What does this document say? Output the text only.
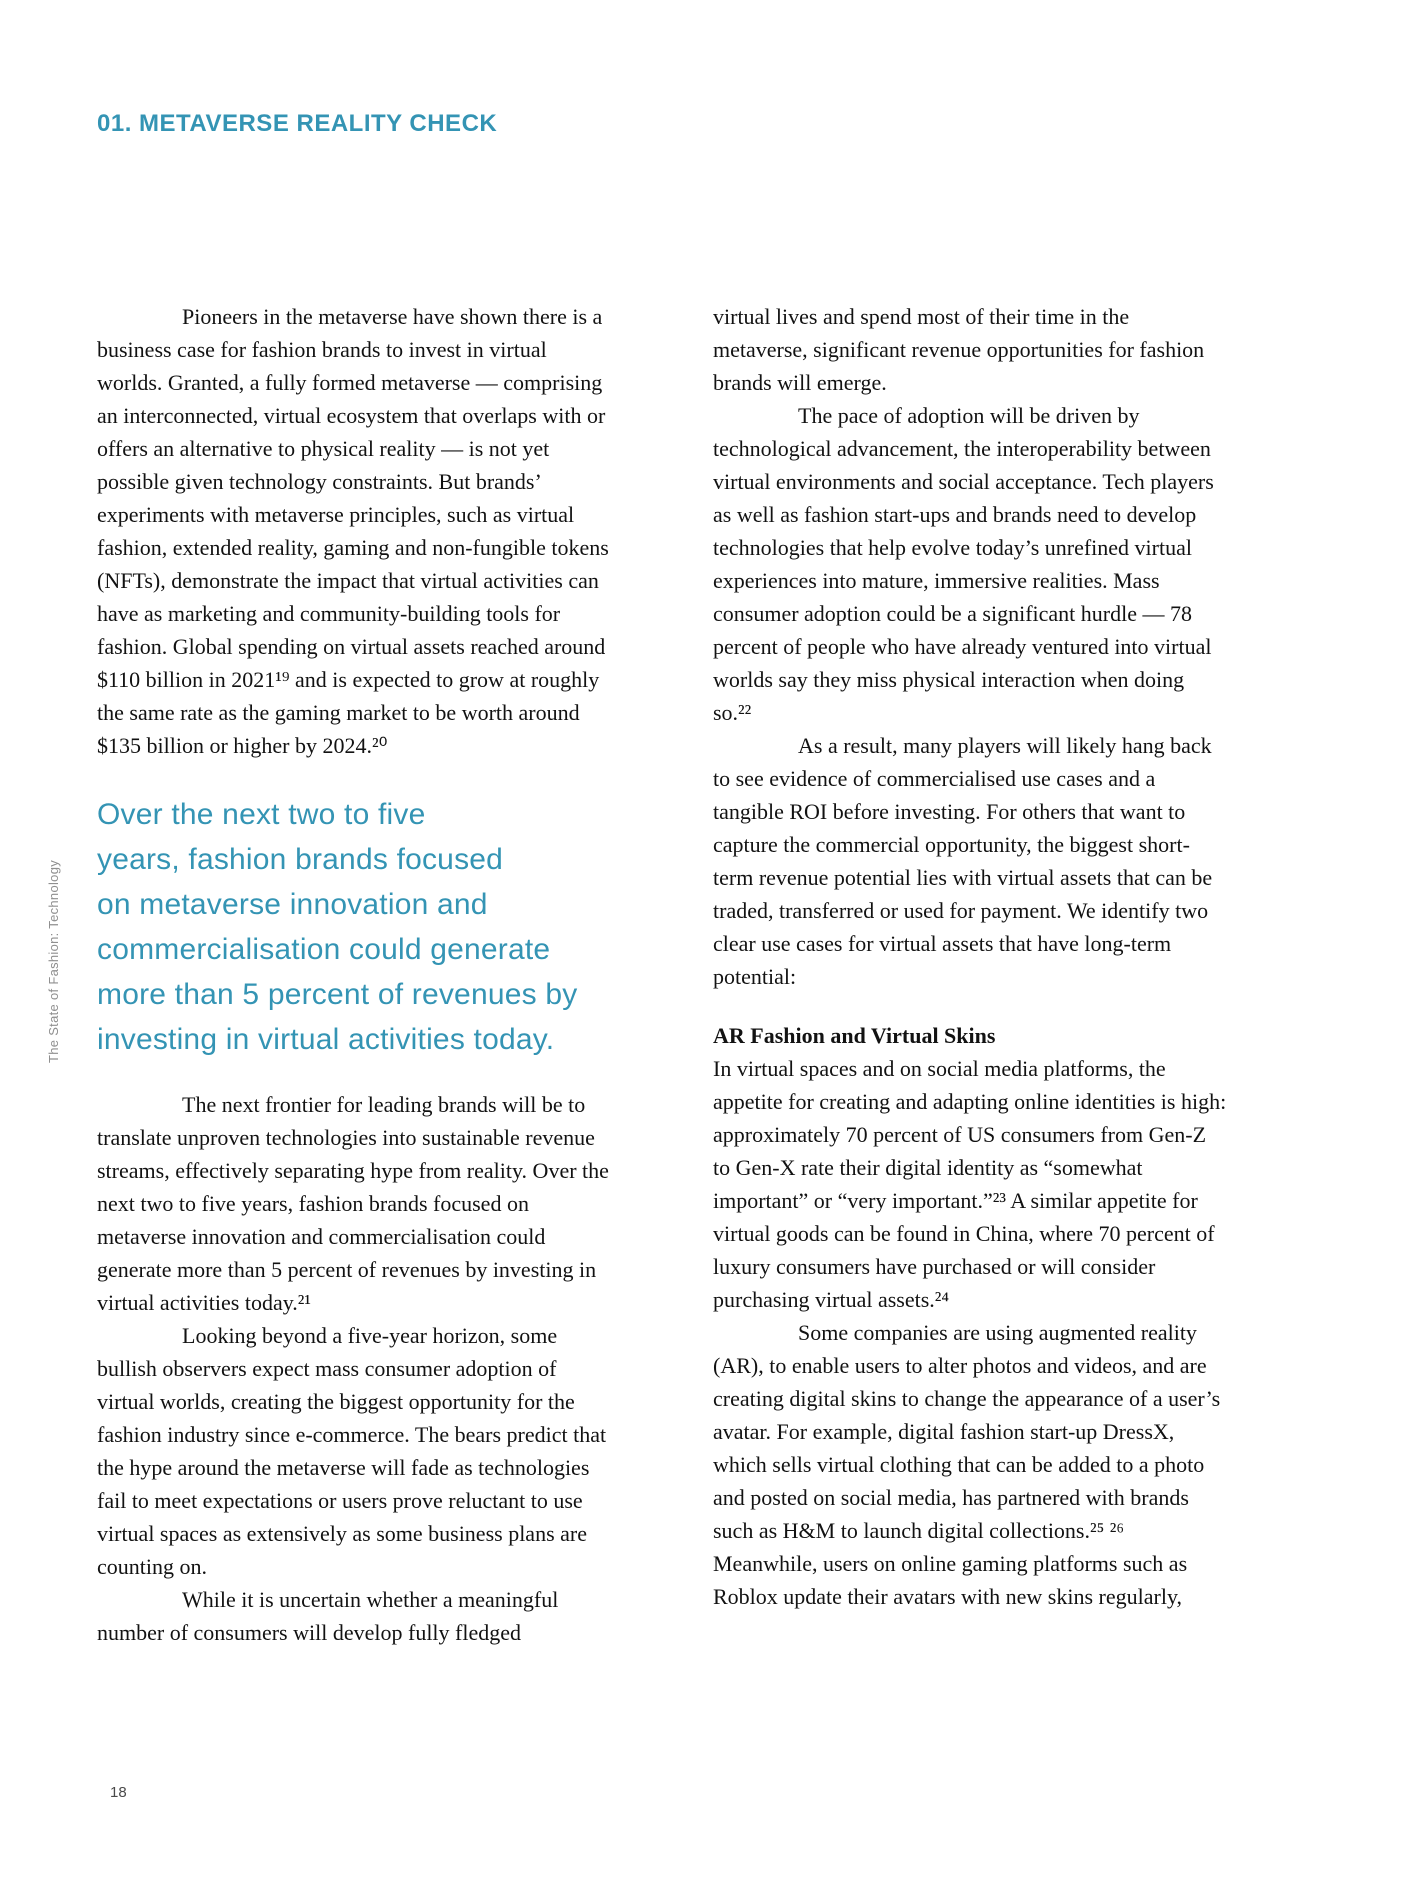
01. METAVERSE REALITY CHECK
The State of Fashion: Technology

Pioneers in the metaverse have shown there is a business case for fashion brands to invest in virtual worlds. Granted, a fully formed metaverse — comprising an interconnected, virtual ecosystem that overlaps with or offers an alternative to physical reality — is not yet possible given technology constraints. But brands’ experiments with metaverse principles, such as virtual fashion, extended reality, gaming and non-fungible tokens (NFTs), demonstrate the impact that virtual activities can have as marketing and community-building tools for fashion. Global spending on virtual assets reached around $110 billion in 2021¹⁹ and is expected to grow at roughly the same rate as the gaming market to be worth around $135 billion or higher by 2024.²⁰

Over the next two to five
years, fashion brands focused
on metaverse innovation and
commercialisation could generate
more than 5 percent of revenues by
investing in virtual activities today.

The next frontier for leading brands will be to translate unproven technologies into sustainable revenue streams, effectively separating hype from reality. Over the next two to five years, fashion brands focused on metaverse innovation and commercialisation could generate more than 5 percent of revenues by investing in virtual activities today.²¹

Looking beyond a five-year horizon, some bullish observers expect mass consumer adoption of virtual worlds, creating the biggest opportunity for the fashion industry since e-commerce. The bears predict that the hype around the metaverse will fade as technologies fail to meet expectations or users prove reluctant to use virtual spaces as extensively as some business plans are counting on.

While it is uncertain whether a meaningful number of consumers will develop fully fledged

virtual lives and spend most of their time in the metaverse, significant revenue opportunities for fashion brands will emerge.

The pace of adoption will be driven by technological advancement, the interoperability between virtual environments and social acceptance. Tech players as well as fashion start-ups and brands need to develop technologies that help evolve today’s unrefined virtual experiences into mature, immersive realities. Mass consumer adoption could be a significant hurdle — 78 percent of people who have already ventured into virtual worlds say they miss physical interaction when doing so.²²

As a result, many players will likely hang back to see evidence of commercialised use cases and a tangible ROI before investing. For others that want to capture the commercial opportunity, the biggest short-term revenue potential lies with virtual assets that can be traded, transferred or used for payment. We identify two clear use cases for virtual assets that have long-term potential:

AR Fashion and Virtual Skins

In virtual spaces and on social media platforms, the appetite for creating and adapting online identities is high: approximately 70 percent of US consumers from Gen-Z to Gen-X rate their digital identity as “somewhat important” or “very important.”²³ A similar appetite for virtual goods can be found in China, where 70 percent of luxury consumers have purchased or will consider purchasing virtual assets.²⁴

Some companies are using augmented reality (AR), to enable users to alter photos and videos, and are creating digital skins to change the appearance of a user’s avatar. For example, digital fashion start-up DressX, which sells virtual clothing that can be added to a photo and posted on social media, has partnered with brands such as H&M to launch digital collections.²⁵ ²⁶ Meanwhile, users on online gaming platforms such as Roblox update their avatars with new skins regularly,

18
